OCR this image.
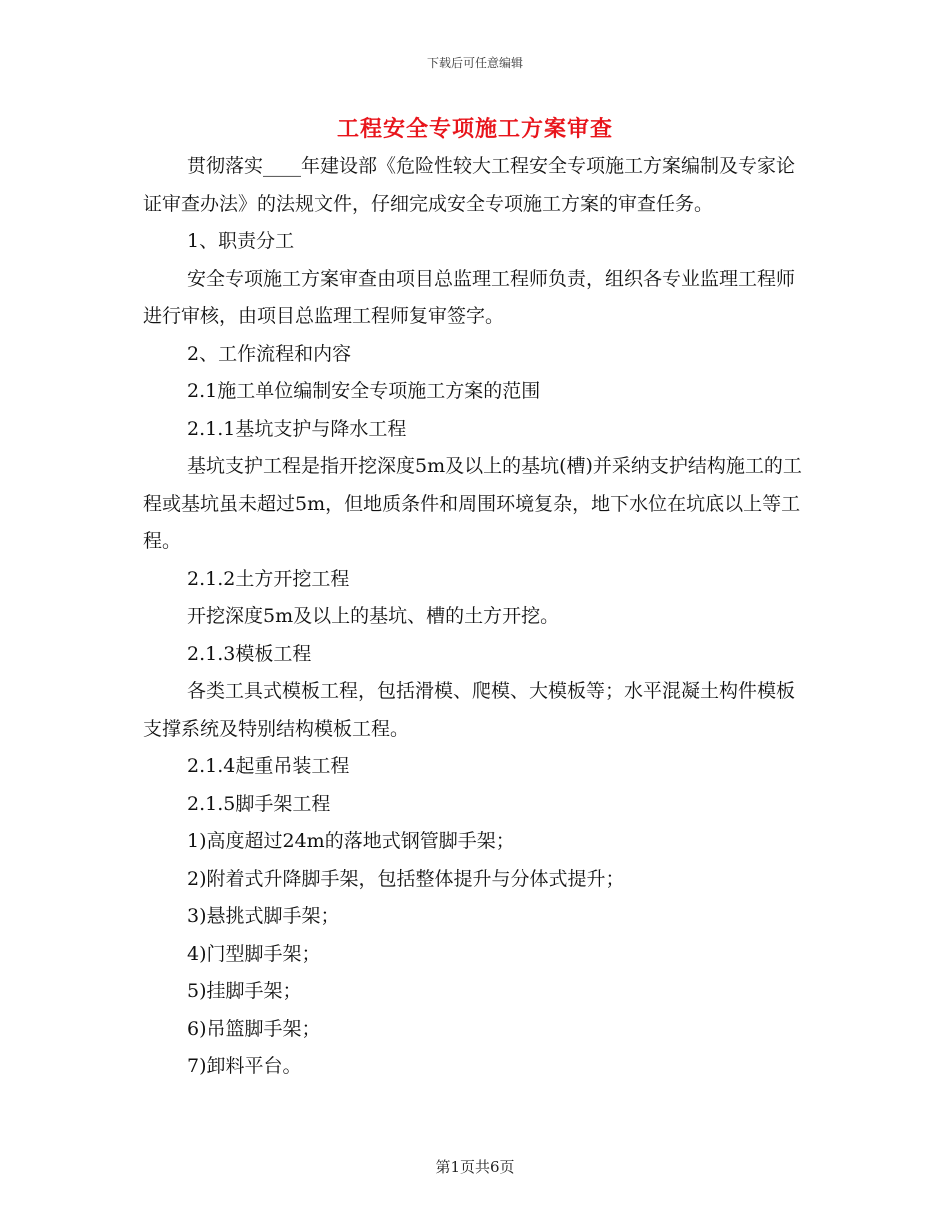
下载后可任意编辑
工程安全专项施工方案审查

贯彻落实____年建设部《危险性较大工程安全专项施工方案编制及专家论证审查办法》的法规文件，仔细完成安全专项施工方案的审查任务。

1、职责分工

安全专项施工方案审查由项目总监理工程师负责，组织各专业监理工程师进行审核，由项目总监理工程师复审签字。

2、工作流程和内容

2.1施工单位编制安全专项施工方案的范围

2.1.1基坑支护与降水工程

基坑支护工程是指开挖深度5m及以上的基坑(槽)并采纳支护结构施工的工程或基坑虽未超过5m，但地质条件和周围环境复杂，地下水位在坑底以上等工程。

2.1.2土方开挖工程

开挖深度5m及以上的基坑、槽的土方开挖。

2.1.3模板工程

各类工具式模板工程，包括滑模、爬模、大模板等；水平混凝土构件模板支撑系统及特别结构模板工程。

2.1.4起重吊装工程

2.1.5脚手架工程

1)高度超过24m的落地式钢管脚手架；

2)附着式升降脚手架，包括整体提升与分体式提升；

3)悬挑式脚手架；

4)门型脚手架；

5)挂脚手架；

6)吊篮脚手架；

7)卸料平台。

第1页共6页
